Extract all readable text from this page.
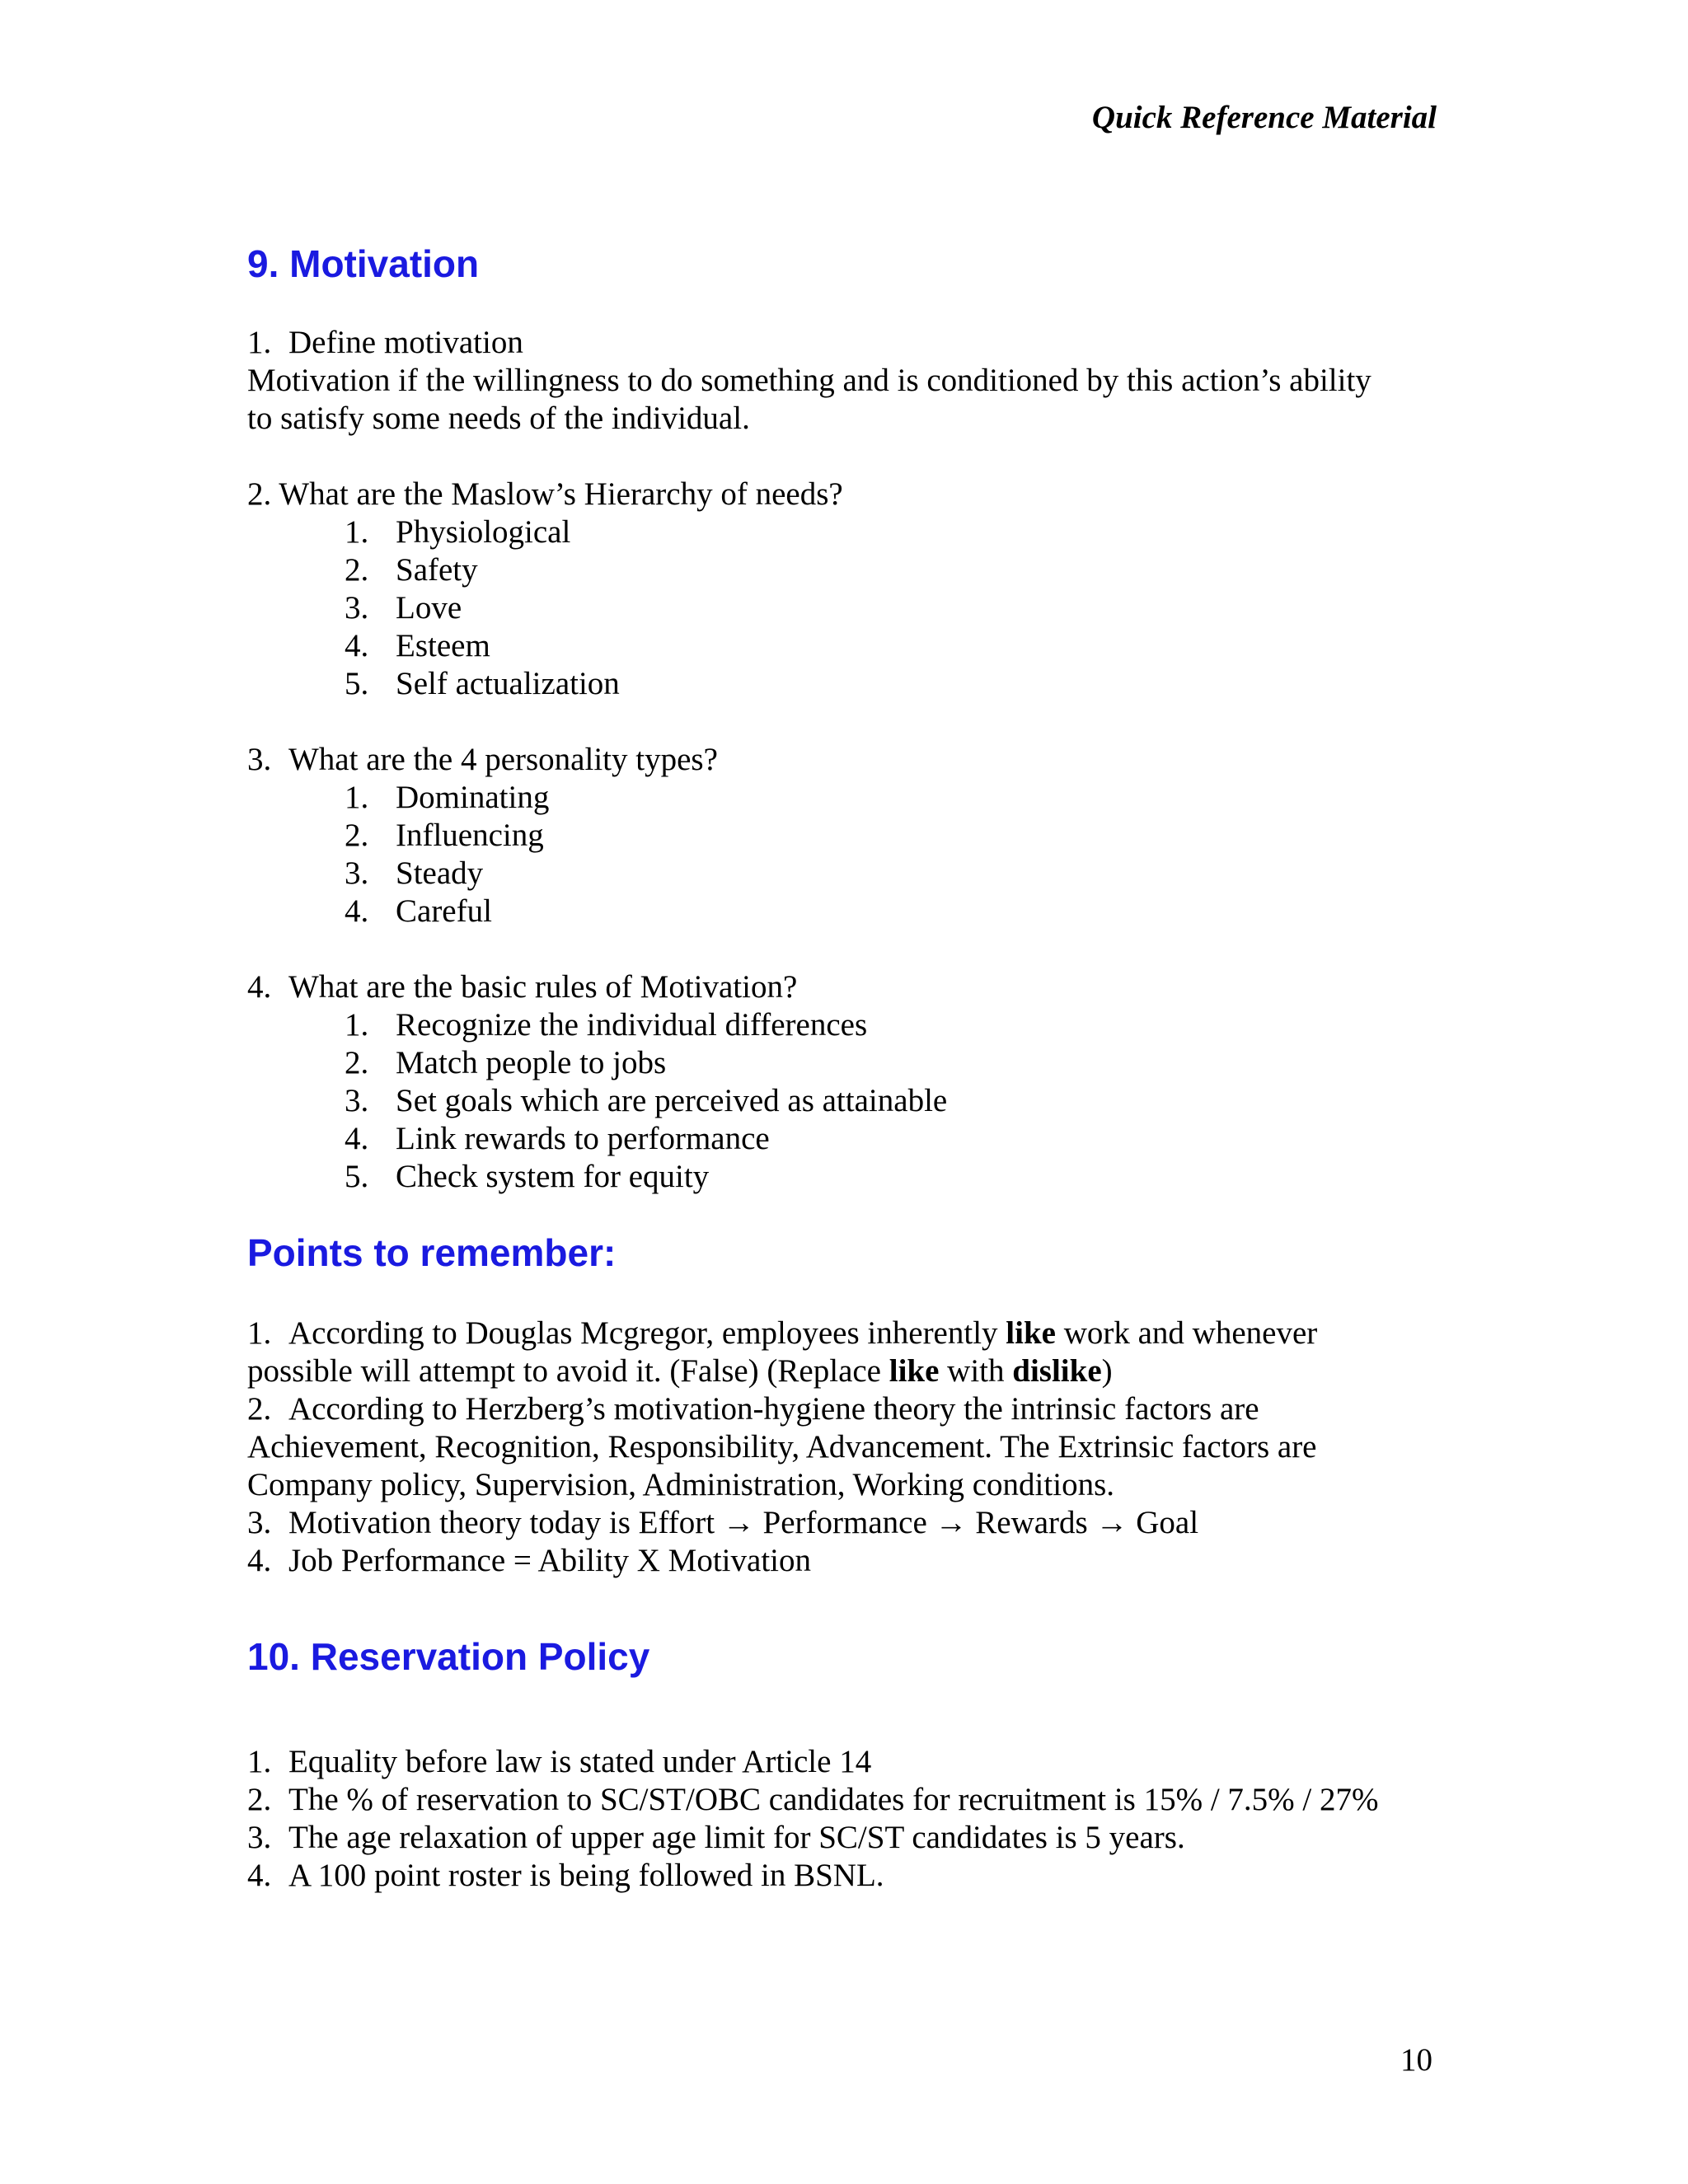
Quick Reference Material
9. Motivation
1. Define motivation
Motivation if the willingness to do something and is conditioned by this action’s ability
to satisfy some needs of the individual.
2. What are the Maslow’s Hierarchy of needs?
1. Physiological
2. Safety
3. Love
4. Esteem
5. Self actualization
3. What are the 4 personality types?
1. Dominating
2. Influencing
3. Steady
4. Careful
4. What are the basic rules of Motivation?
1. Recognize the individual differences
2. Match people to jobs
3. Set goals which are perceived as attainable
4. Link rewards to performance
5. Check system for equity
Points to remember:
1. According to Douglas Mcgregor, employees inherently like work and whenever
possible will attempt to avoid it. (False) (Replace like with dislike)
2. According to Herzberg’s motivation-hygiene theory the intrinsic factors are
Achievement, Recognition, Responsibility, Advancement. The Extrinsic factors are
Company policy, Supervision, Administration, Working conditions.
3. Motivation theory today is Effort → Performance → Rewards → Goal
4. Job Performance = Ability X Motivation
10. Reservation Policy
1. Equality before law is stated under Article 14
2. The % of reservation to SC/ST/OBC candidates for recruitment is 15% / 7.5% / 27%
3. The age relaxation of upper age limit for SC/ST candidates is 5 years.
4. A 100 point roster is being followed in BSNL.
10
